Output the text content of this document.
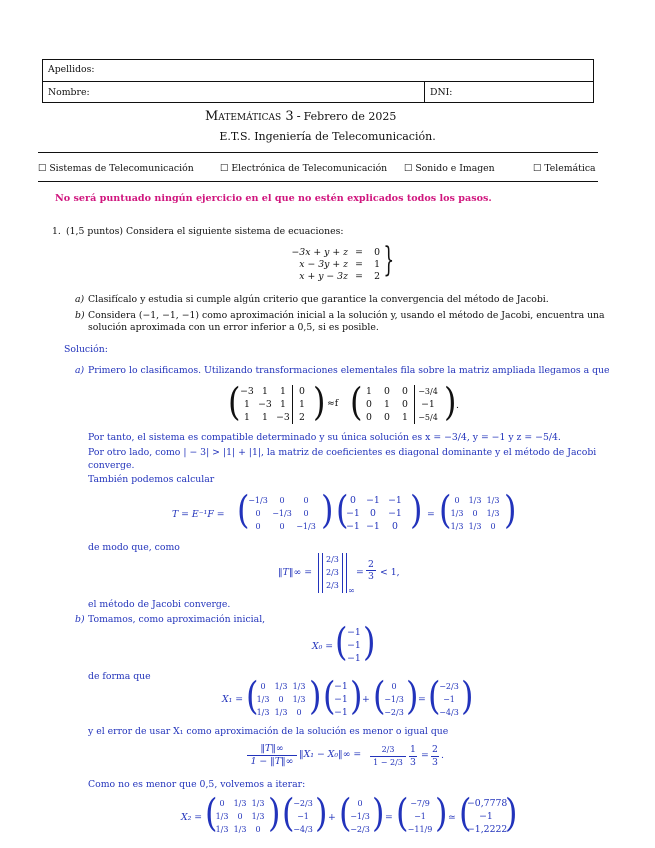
Apellidos:
Nombre:	DNI:
Matemáticas 3 - Febrero de 2025
E.T.S. Ingeniería de Telecomunicación.
☐ Sistemas de Telecomunicación	☐ Electrónica de Telecomunicación ☐ Sonido e Imagen	☐ Telemática
No será puntuado ningún ejercicio en el que no estén explicados todos los pasos.
1. (1,5 puntos) Considera el siguiente sistema de ecuaciones:
−3x + y + z = 0
x − 3y + z = 1
x + y − 3z = 2 }
a) Clasifícalo y estudia si cumple algún criterio que garantice la convergencia del método de Jacobi.
b) Considera (−1, −1, −1) como aproximación inicial a la solución y, usando el método de Jacobi, encuentra una
solución aproximada con un error inferior a 0,5, si es posible.
Solución:
a) Primero lo clasificamos. Utilizando transformaciones elementales fila sobre la matriz ampliada llegamos a que
( −3 1 1 0
1 −3 1 1
1 1 −3 2 ) ≈f ( 1 0 0 −3/4
0 1 0 −1
0 0 1 −5/4 ) .
Por tanto, el sistema es compatible determinado y su única solución es x = −3/4, y = −1 y z = −5/4.
Por otro lado, como | − 3| > |1| + |1|, la matriz de coeficientes es diagonal dominante y el método de Jacobi
converge.
También podemos calcular
T = E⁻¹F = (
−1/3 0 0
0 −1/3 0
0 0 −1/3 ) ( 0 −1 −1
−1 0 −1
−1 −1 0 ) = ( 0 1/3 1/3
1/3 0 1/3
1/3 1/3 0 )
de modo que, como
‖T‖∞ =
2/3
2/3
2/3
∞
= $\frac{2}{3} < 1$,
el método de Jacobi converge.
b) Tomamos, como aproximación inicial,
X₀ = ( −1
−1
−1 )
de forma que
X₁ = ( 0 1/3 1/3
1/3 0 1/3
1/3 1/3 0 ) (
−1
−1
−1 ) + ( 0
−1/3
−2/3 ) = (
−2/3
−1
−4/3 )
y el error de usar X₁ como aproximación de la solución es menor o igual que
$\frac{‖T‖\infty}{1 - ‖T‖\infty}$ ‖X₁ − X₀‖∞ = $\frac{2/3}{1 - 2/3} \frac{1}{3} = \frac{2}{3}$ .
Como no es menor que 0,5, volvemos a iterar:
X₂ = ( 0 1/3 1/3
1/3 0 1/3
1/3 1/3 0 ) (
−2/3
−1
−4/3 ) + ( 0
−1/3
−2/3 ) = ( −7/9
−1
−11/9 ) ≃ (
−0,7778
−1
−1,2222
)
